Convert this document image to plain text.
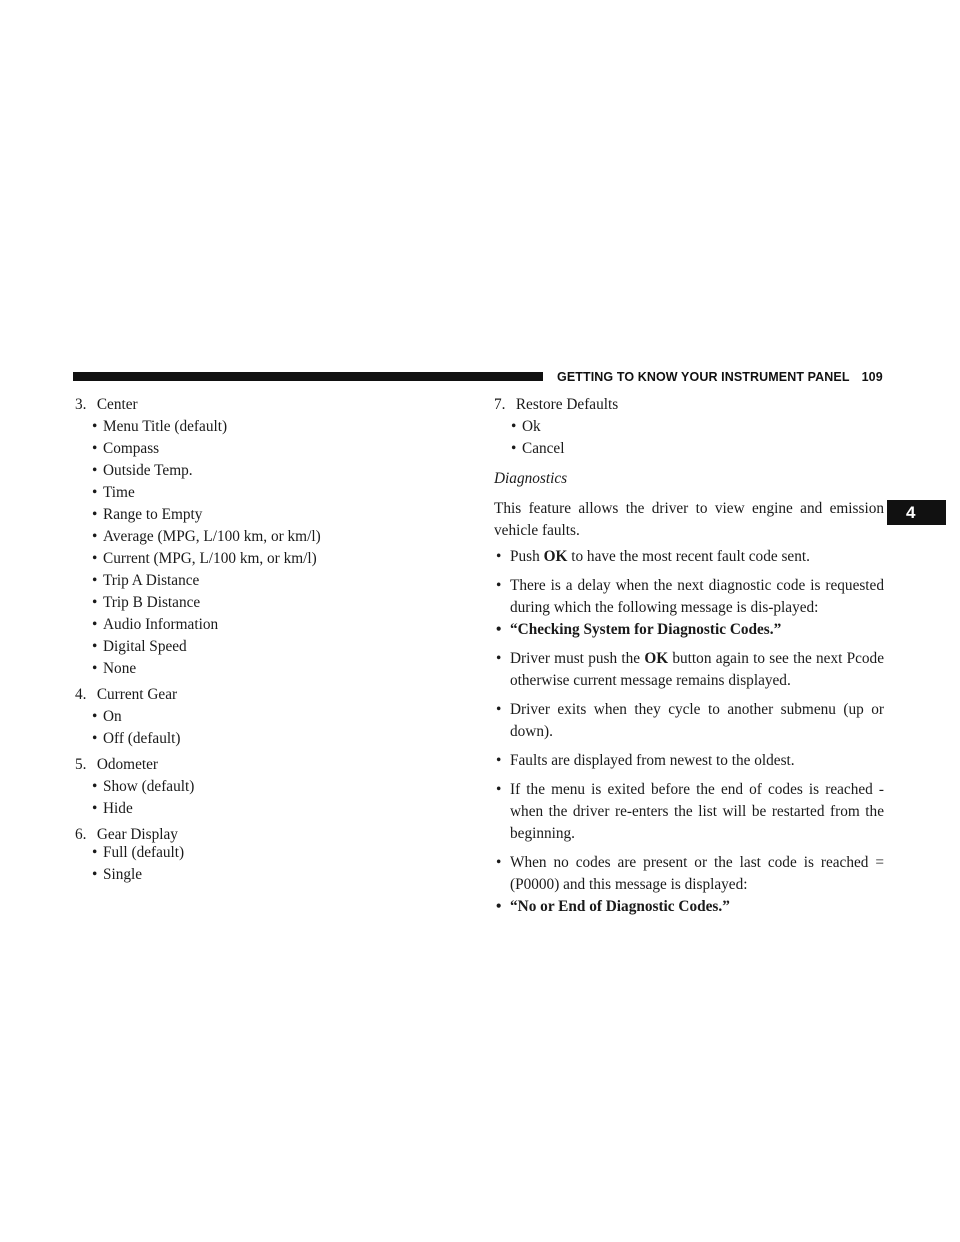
GETTING TO KNOW YOUR INSTRUMENT PANEL 109
4
3. Center
• Menu Title (default)
• Compass
• Outside Temp.
• Time
• Range to Empty
• Average (MPG, L/100 km, or km/l)
• Current (MPG, L/100 km, or km/l)
• Trip A Distance
• Trip B Distance
• Audio Information
• Digital Speed
• None
4. Current Gear
• On
• Off (default)
5. Odometer
• Show (default)
• Hide
6. Gear Display
• Full (default)
• Single
7. Restore Defaults
• Ok
• Cancel
Diagnostics
This feature allows the driver to view engine and emission vehicle faults.
• Push OK to have the most recent fault code sent.
• There is a delay when the next diagnostic code is requested during which the following message is dis-played:
• “Checking System for Diagnostic Codes.”
• Driver must push the OK button again to see the next Pcode otherwise current message remains displayed.
• Driver exits when they cycle to another submenu (up or down).
• Faults are displayed from newest to the oldest.
• If the menu is exited before the end of codes is reached - when the driver re-enters the list will be restarted from the beginning.
• When no codes are present or the last code is reached = (P0000) and this message is displayed:
• “No or End of Diagnostic Codes.”
